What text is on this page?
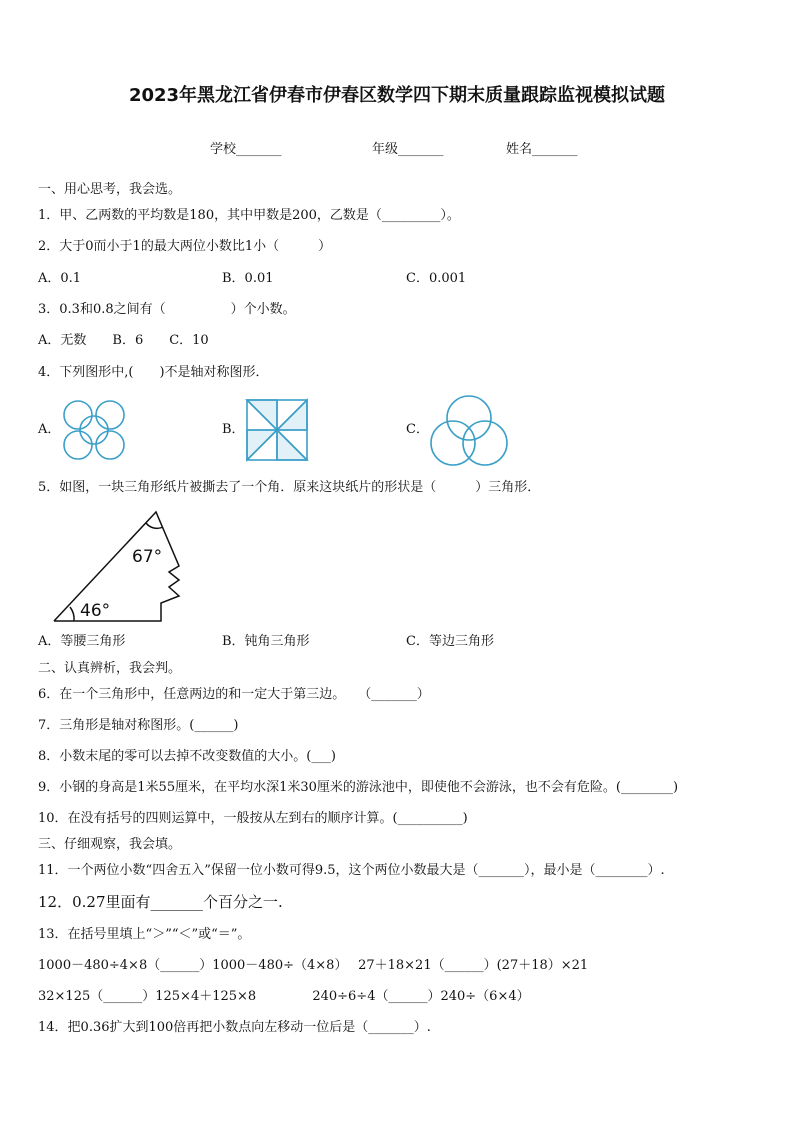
2023年黑龙江省伊春市伊春区数学四下期末质量跟踪监视模拟试题
学校_______	年级_______	姓名_______
一、用心思考，我会选。
1．甲、乙两数的平均数是180，其中甲数是200，乙数是（_________）。
2．大于0而小于1的最大两位小数比1小（　　　）
A．0.1	B．0.01	C．0.001
3．0.3和0.8之间有（　　　　　）个小数。
A．无数　　B．6　　C．10
4．下列图形中,(　　)不是轴对称图形．
A．	B．	C．
5．如图，一块三角形纸片被撕去了一个角．原来这块纸片的形状是（　　　）三角形．
67°
46°
A．等腰三角形	B．钝角三角形	C．等边三角形
二、认真辨析，我会判。
6．在一个三角形中，任意两边的和一定大于第三边。　　（_______）
7．三角形是轴对称图形。(______)
8．小数末尾的零可以去掉不改变数值的大小。(___)
9．小钢的身高是1米55厘米，在平均水深1米30厘米的游泳池中，即使他不会游泳，也不会有危险。(________)
10．在没有括号的四则运算中，一般按从左到右的顺序计算。(__________)
三、仔细观察，我会填。
11．一个两位小数“四舍五入”保留一位小数可得9.5，这个两位小数最大是（_______），最小是（________）.
12．0.27里面有_______个百分之一.
13．在括号里填上“＞”“＜”或“＝”。
1000－480÷4×8（______）1000－480÷（4×8）　 27＋18×21（______）(27＋18）×21
32×125（______）125×4＋125×8　　　　 240÷6÷4（______）240÷（6×4）
14．把0.36扩大到100倍再把小数点向左移动一位后是（_______）.
